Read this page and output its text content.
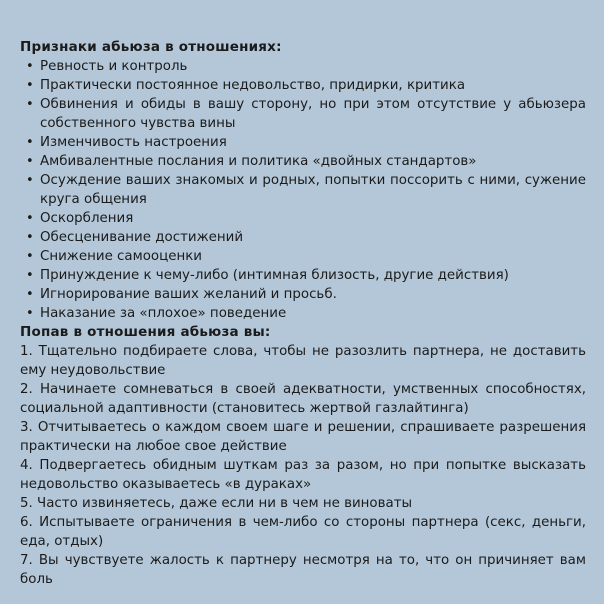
Признаки абьюза в отношениях:
• Ревность и контроль
• Практически постоянное недовольство, придирки, критика
• Обвинения и обиды в вашу сторону, но при этом отсутствие у абьюзера собственного чувства вины
• Изменчивость настроения
• Амбивалентные послания и политика «двойных стандартов»
• Осуждение ваших знакомых и родных, попытки поссорить с ними, сужение круга общения
• Оскорбления
• Обесценивание достижений
• Снижение самооценки
• Принуждение к чему-либо (интимная близость, другие действия)
• Игнорирование ваших желаний и просьб.
• Наказание за «плохое» поведение
Попав в отношения абьюза вы:
1. Тщательно подбираете слова, чтобы не разозлить партнера, не доставить ему неудовольствие
2. Начинаете сомневаться в своей адекватности, умственных способностях, социальной адаптивности (становитесь жертвой газлайтинга)
3. Отчитываетесь о каждом своем шаге и решении, спрашиваете разрешения практически на любое свое действие
4. Подвергаетесь обидным шуткам раз за разом, но при попытке высказать недовольство оказываетесь «в дураках»
5. Часто извиняетесь, даже если ни в чем не виноваты
6. Испытываете ограничения в чем-либо со стороны партнера (секс, деньги, еда, отдых)
7. Вы чувствуете жалость к партнеру несмотря на то, что он причиняет вам боль
